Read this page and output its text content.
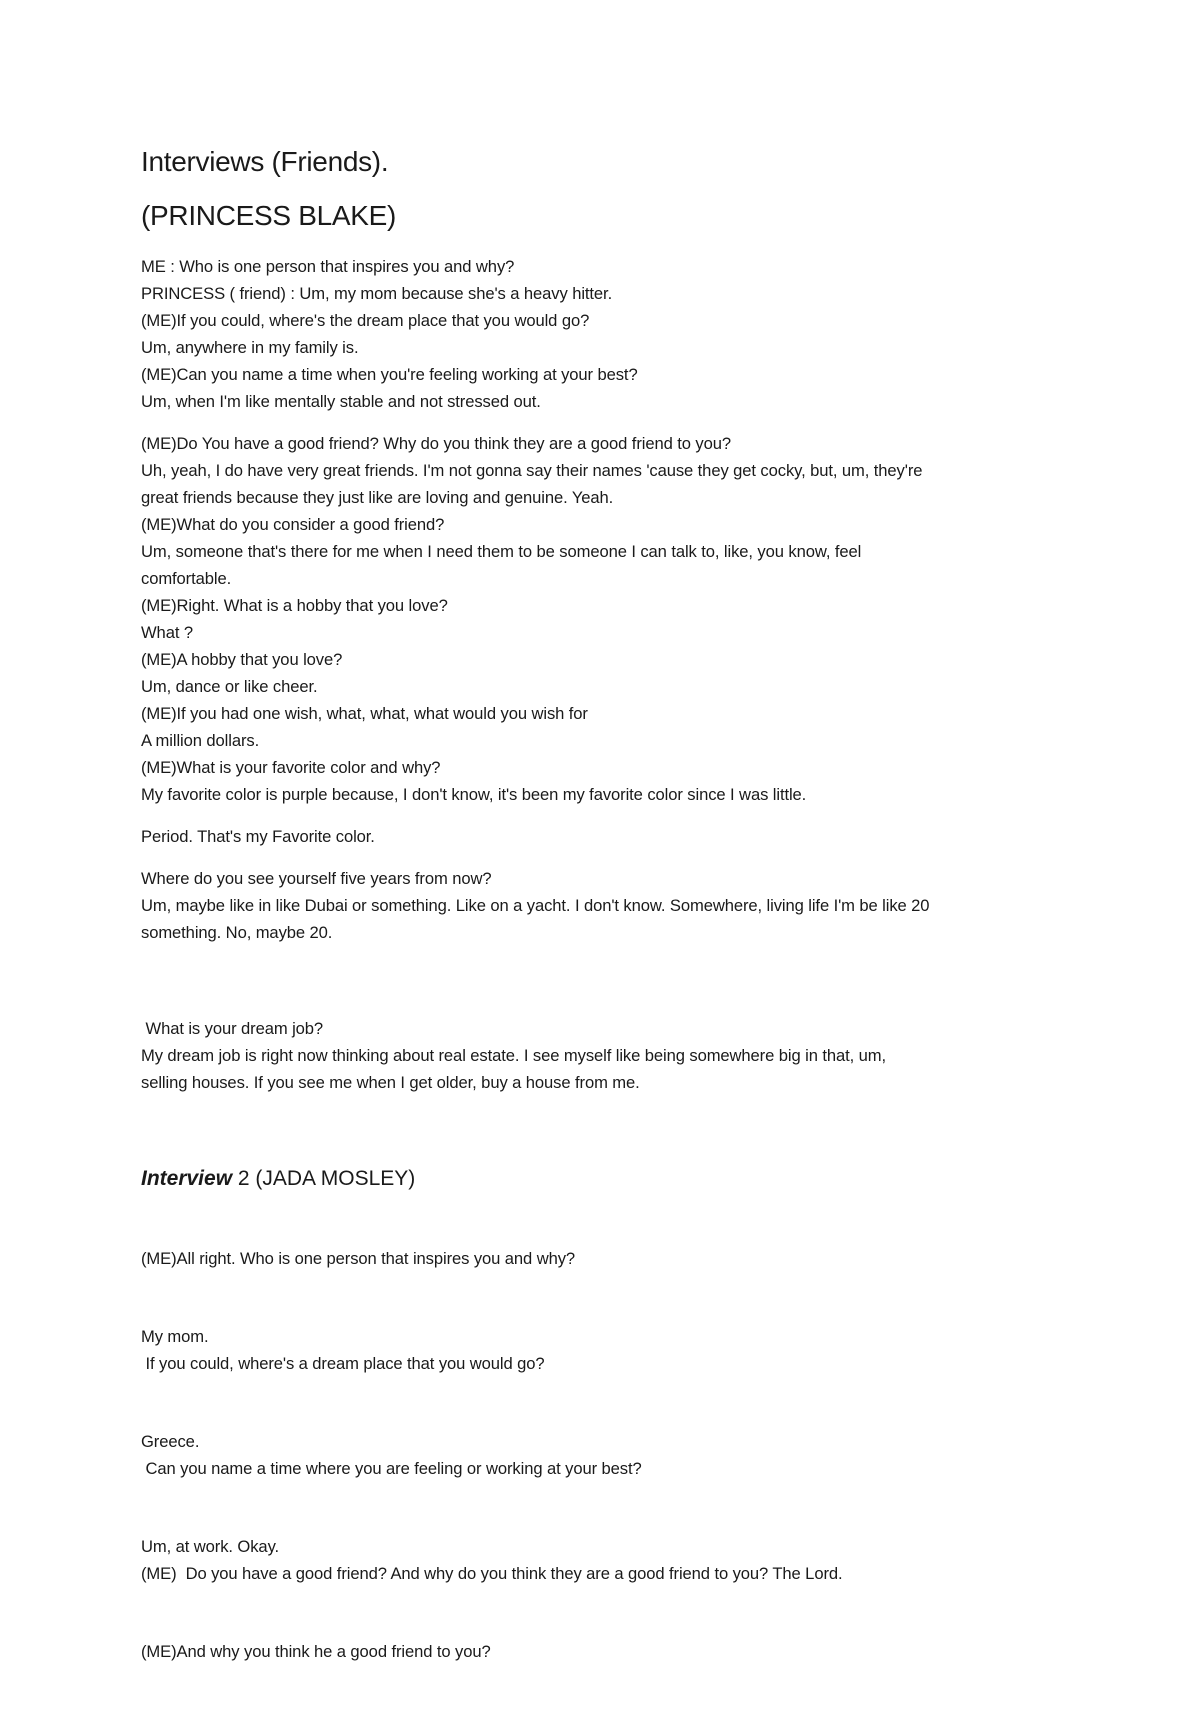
Interviews (Friends).
(PRINCESS BLAKE)

ME : Who is one person that inspires you and why?
PRINCESS ( friend) : Um, my mom because she's a heavy hitter.
(ME)If you could, where's the dream place that you would go?
Um, anywhere in my family is.
(ME)Can you name a time when you're feeling working at your best?
Um, when I'm like mentally stable and not stressed out.

(ME)Do You have a good friend? Why do you think they are a good friend to you?
Uh, yeah, I do have very great friends. I'm not gonna say their names 'cause they get cocky, but, um, they're
great friends because they just like are loving and genuine. Yeah.
(ME)What do you consider a good friend?
Um, someone that's there for me when I need them to be someone I can talk to, like, you know, feel
comfortable.
(ME)Right. What is a hobby that you love?
What ?
(ME)A hobby that you love?
Um, dance or like cheer.
(ME)If you had one wish, what, what, what would you wish for
A million dollars.
(ME)What is your favorite color and why?
My favorite color is purple because, I don't know, it's been my favorite color since I was little.

Period. That's my Favorite color.

Where do you see yourself five years from now?
Um, maybe like in like Dubai or something. Like on a yacht. I don't know. Somewhere, living life I'm be like 20
something. No, maybe 20.

What is your dream job?
My dream job is right now thinking about real estate. I see myself like being somewhere big in that, um,
selling houses. If you see me when I get older, buy a house from me.

Interview 2 (JADA MOSLEY)

(ME)All right. Who is one person that inspires you and why?

My mom.
If you could, where's a dream place that you would go?

Greece.
Can you name a time where you are feeling or working at your best?

Um, at work. Okay.
(ME)  Do you have a good friend? And why do you think they are a good friend to you? The Lord.

(ME)And why you think he a good friend to you?
